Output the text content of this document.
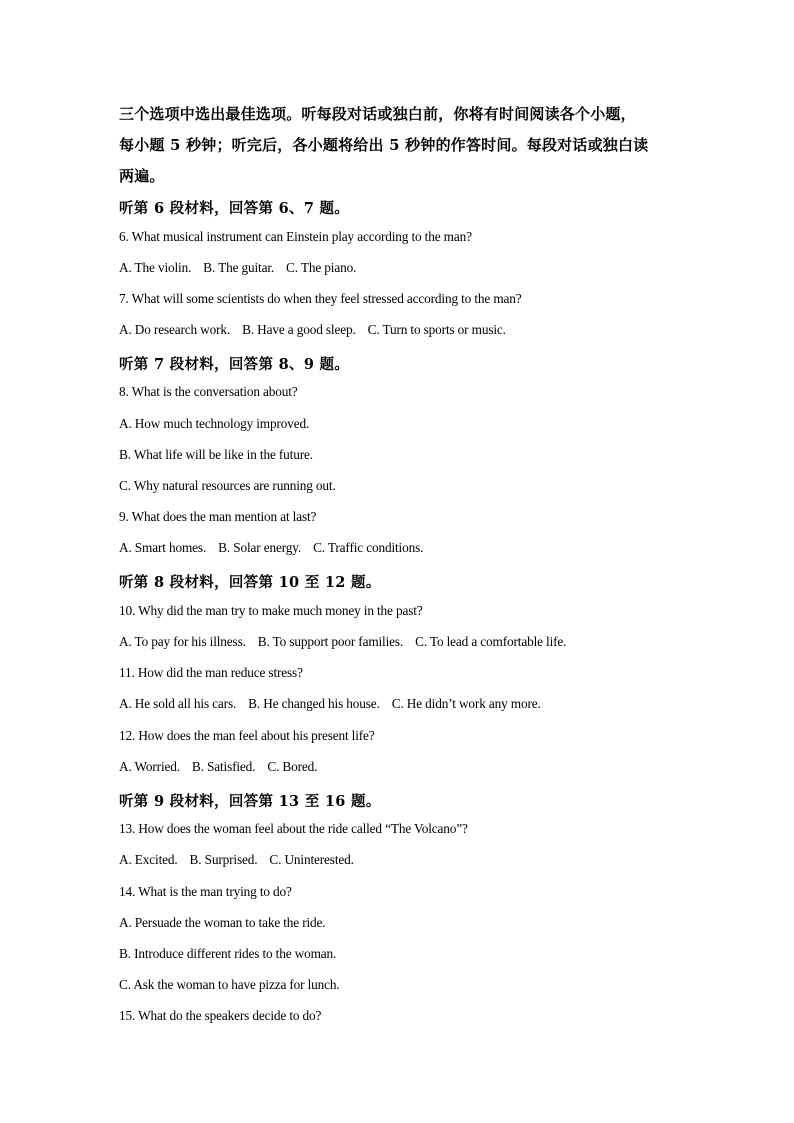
三个选项中选出最佳选项。听每段对话或独白前，你将有时间阅读各个小题，
每小题 5 秒钟；听完后，各小题将给出 5 秒钟的作答时间。每段对话或独白读
两遍。
听第 6 段材料，回答第 6、7 题。
6. What musical instrument can Einstein play according to the man?
A. The violin. B. The guitar. C. The piano.
7. What will some scientists do when they feel stressed according to the man?
A. Do research work. B. Have a good sleep. C. Turn to sports or music.
听第 7 段材料，回答第 8、9 题。
8. What is the conversation about?
A. How much technology improved.
B. What life will be like in the future.
C. Why natural resources are running out.
9. What does the man mention at last?
A. Smart homes. B. Solar energy. C. Traffic conditions.
听第 8 段材料，回答第 10 至 12 题。
10. Why did the man try to make much money in the past?
A. To pay for his illness. B. To support poor families. C. To lead a comfortable life.
11. How did the man reduce stress?
A. He sold all his cars. B. He changed his house. C. He didn’t work any more.
12. How does the man feel about his present life?
A. Worried. B. Satisfied. C. Bored.
听第 9 段材料，回答第 13 至 16 题。
13. How does the woman feel about the ride called “The Volcano”?
A. Excited. B. Surprised. C. Uninterested.
14. What is the man trying to do?
A. Persuade the woman to take the ride.
B. Introduce different rides to the woman.
C. Ask the woman to have pizza for lunch.
15. What do the speakers decide to do?
